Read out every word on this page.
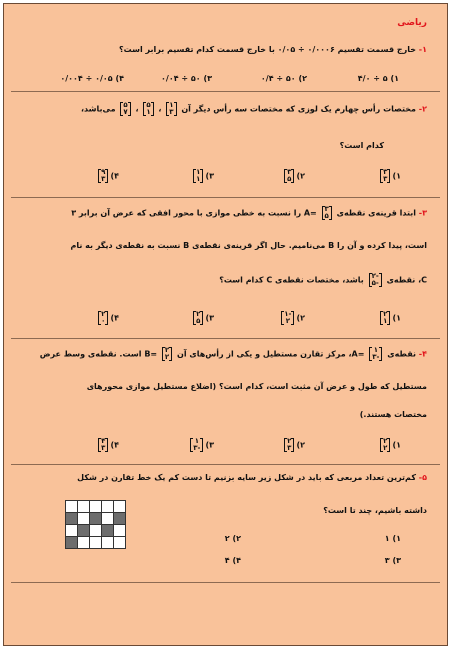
ریاضی
۱- خارج قسمت تقسیم ۰/۰۰۰۶ ÷ ۰/۰۵ با خارج قسمت کدام تقسیم برابر است؟
۱) ۵ ÷ ۴/۰
۲) ۵۰ ÷ ۰/۴
۳) ۵۰ ÷ ۰/۰۴
۴) ۰/۰۵ ÷ ۰/۰۰۴
۲- مختصات رأس چهارم یک لوزی که مختصات سه رأس دیگر آن
۱
۳
،
۵
۱
،
۵
۷
می‌باشد،
کدام است؟
۱)
۳
۳
۲)
۳
۵
۳)
۱
۱
۴)
۹
۳
۳- ابتدا قرینه‌ی نقطه‌ی
۳
۵
=A را نسبت به خطی موازی با محور افقی که عرض آن برابر ۳
است، پیدا کرده و آن را B می‌نامیم. حال اگر قرینه‌ی نقطه‌ی B نسبت به نقطه‌ی دیگر به نام
C، نقطه‌ی
۲-
۵-
باشد، مختصات نقطه‌ی C کدام است؟
۱)
۲
۱
۲)
۱-
۲
۳)
۲
۵
۴)
۲
۰
۴- نقطه‌ی
۱
۳-
=A، مرکز تقارن مستطیل و یکی از رأس‌های آن
۲
۲
=B است. نقطه‌ی وسط عرض
مستطیل که طول و عرض آن مثبت است، کدام است؟ (اضلاع مستطیل موازی محورهای
مختصات هستند.)
۱)
۲
۲
۲)
۲
۳
۳)
۱
۳-
۴)
۴
۳
۵- کم‌ترین تعداد مربعی که باید در شکل زیر سایه بزنیم تا دست کم یک خط تقارن در شکل
داشته باشیم، چند تا است؟
۱) ۱
۲) ۲
۳) ۳
۴) ۴
